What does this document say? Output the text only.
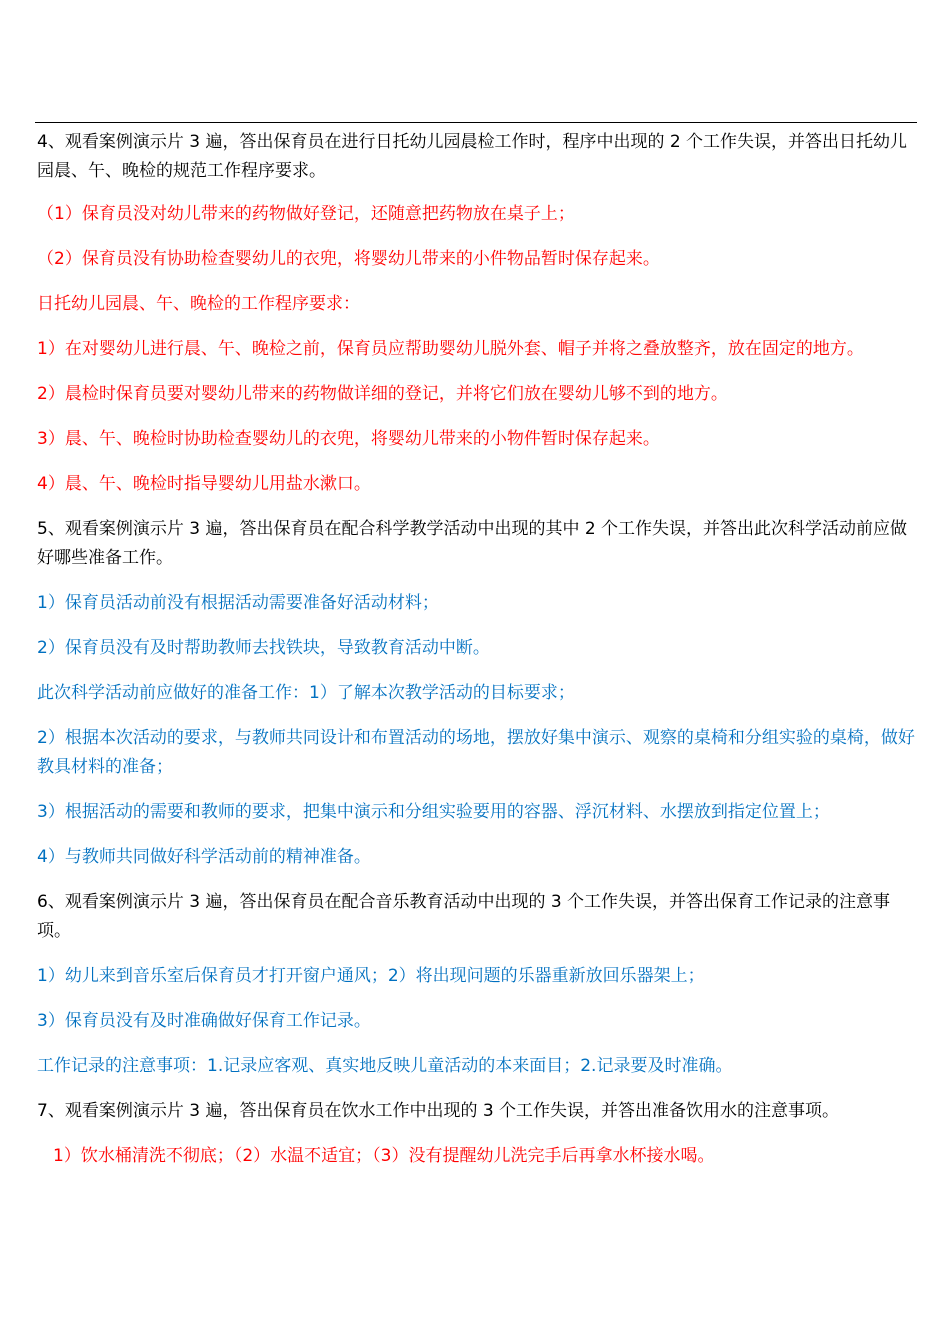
4、观看案例演示片 3 遍，答出保育员在进行日托幼儿园晨检工作时，程序中出现的 2 个工作失误，并答出日托幼儿园晨、午、晚检的规范工作程序要求。

（1）保育员没对幼儿带来的药物做好登记，还随意把药物放在桌子上；

（2）保育员没有协助检查婴幼儿的衣兜，将婴幼儿带来的小件物品暂时保存起来。

日托幼儿园晨、午、晚检的工作程序要求：

1）在对婴幼儿进行晨、午、晚检之前，保育员应帮助婴幼儿脱外套、帽子并将之叠放整齐，放在固定的地方。

2）晨检时保育员要对婴幼儿带来的药物做详细的登记，并将它们放在婴幼儿够不到的地方。

3）晨、午、晚检时协助检查婴幼儿的衣兜，将婴幼儿带来的小物件暂时保存起来。

4）晨、午、晚检时指导婴幼儿用盐水漱口。

5、观看案例演示片 3 遍，答出保育员在配合科学教学活动中出现的其中 2 个工作失误，并答出此次科学活动前应做好哪些准备工作。

1）保育员活动前没有根据活动需要准备好活动材料；

2）保育员没有及时帮助教师去找铁块，导致教育活动中断。

此次科学活动前应做好的准备工作：1）了解本次教学活动的目标要求；

2）根据本次活动的要求，与教师共同设计和布置活动的场地，摆放好集中演示、观察的桌椅和分组实验的桌椅，做好教具材料的准备；

3）根据活动的需要和教师的要求，把集中演示和分组实验要用的容器、浮沉材料、水摆放到指定位置上；

4）与教师共同做好科学活动前的精神准备。

6、观看案例演示片 3 遍，答出保育员在配合音乐教育活动中出现的 3 个工作失误，并答出保育工作记录的注意事项。

1）幼儿来到音乐室后保育员才打开窗户通风；2）将出现问题的乐器重新放回乐器架上；

3）保育员没有及时准确做好保育工作记录。

工作记录的注意事项：1.记录应客观、真实地反映儿童活动的本来面目；2.记录要及时准确。

7、观看案例演示片 3 遍，答出保育员在饮水工作中出现的 3 个工作失误，并答出准备饮用水的注意事项。

1）饮水桶清洗不彻底；（2）水温不适宜；（3）没有提醒幼儿洗完手后再拿水杯接水喝。
